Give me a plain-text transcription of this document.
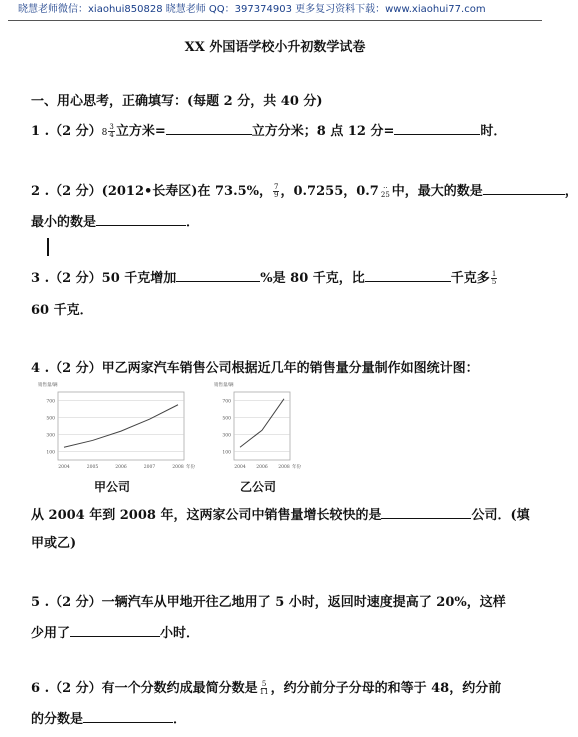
晓慧老师微信：xiaohui850828 晓慧老师 QQ：397374903 更多复习资料下载：www.xiaohui77.com
XX 外国语学校小升初数学试卷
一、用心思考，正确填写：(每题 2 分，共 40 分)
1 .（2 分）$8 \frac{3}{4}$ 立方米=	立方分米；8 点 12 分=	时．
2 .（2 分）(2012•长寿区)在 73.5%， $\frac{7}{9}$ ，0.7255，0.7 ··
25 中，最大的数是	，
最小的数是	．
3 .（2 分）50 千克增加	%是 80 千克，比	千克多 $\frac{1}{5}$
60 千克．
4 .（2 分）甲乙两家汽车销售公司根据近几年的销售量分量制作如图统计图：
销售量/辆
100
300
500
700
2004	2005	2006	2007	2008 年份
甲公司
销售量/辆
100
300
500
700
2004 2006 2008 年份
乙公司
从 2004 年到 2008 年，这两家公司中销售量增长较快的是	公司．(填
甲或乙)
5 .（2 分）一辆汽车从甲地开往乙地用了 5 小时，返回时速度提高了 20%，这样
少用了	小时．
6 .（2 分）有一个分数约成最简分数是 $\frac{5}{11}$ ，约分前分子分母的和等于 48，约分前
的分数是	．
